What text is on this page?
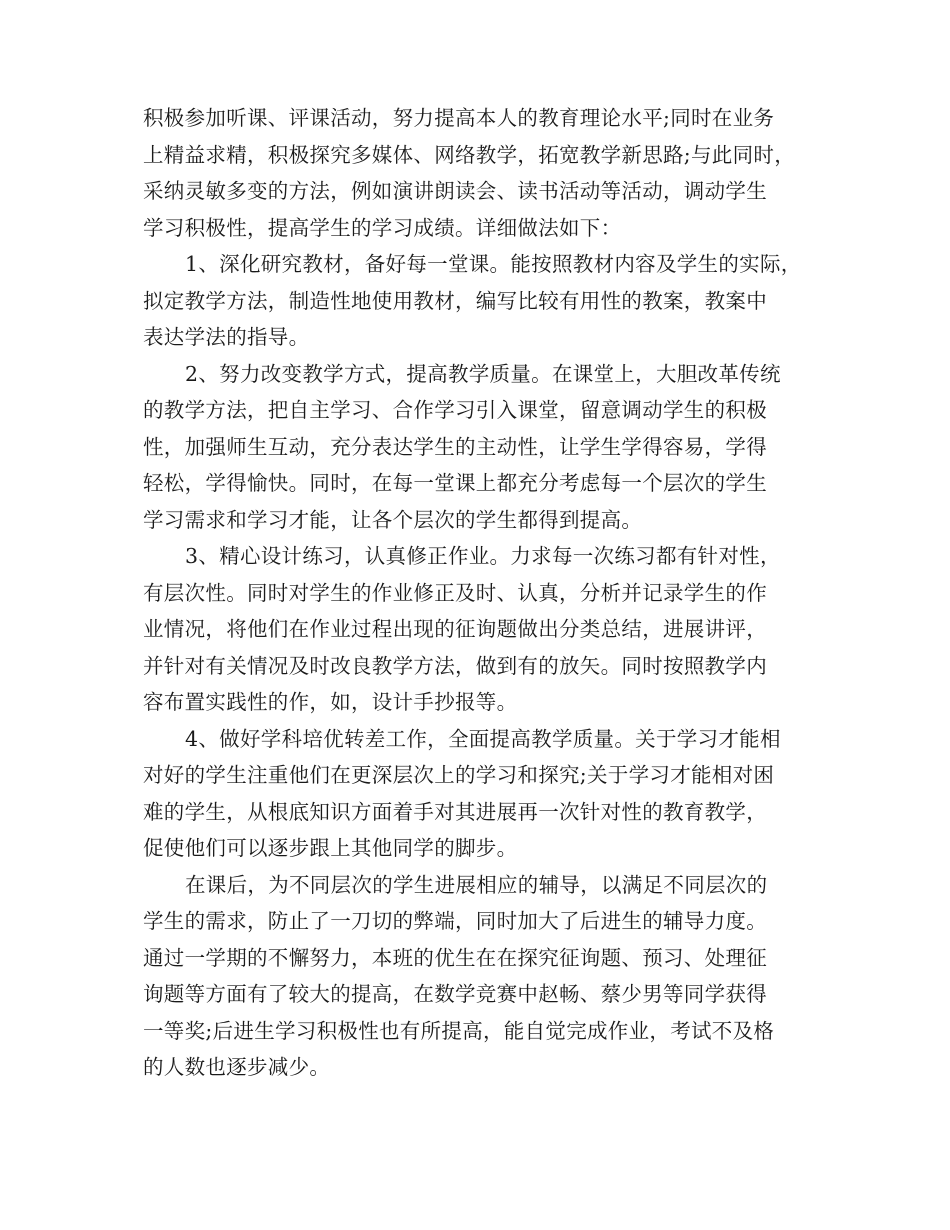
积极参加听课、评课活动，努力提高本人的教育理论水平;同时在业务
上精益求精，积极探究多媒体、网络教学，拓宽教学新思路;与此同时，
采纳灵敏多变的方法，例如演讲朗读会、读书活动等活动，调动学生
学习积极性，提高学生的学习成绩。详细做法如下：
1、深化研究教材，备好每一堂课。能按照教材内容及学生的实际，
拟定教学方法，制造性地使用教材，编写比较有用性的教案，教案中
表达学法的指导。
2、努力改变教学方式，提高教学质量。在课堂上，大胆改革传统
的教学方法，把自主学习、合作学习引入课堂，留意调动学生的积极
性，加强师生互动，充分表达学生的主动性，让学生学得容易，学得
轻松，学得愉快。同时，在每一堂课上都充分考虑每一个层次的学生
学习需求和学习才能，让各个层次的学生都得到提高。
3、精心设计练习，认真修正作业。力求每一次练习都有针对性，
有层次性。同时对学生的作业修正及时、认真，分析并记录学生的作
业情况，将他们在作业过程出现的征询题做出分类总结，进展讲评，
并针对有关情况及时改良教学方法，做到有的放矢。同时按照教学内
容布置实践性的作，如，设计手抄报等。
4、做好学科培优转差工作，全面提高教学质量。关于学习才能相
对好的学生注重他们在更深层次上的学习和探究;关于学习才能相对困
难的学生，从根底知识方面着手对其进展再一次针对性的教育教学，
促使他们可以逐步跟上其他同学的脚步。
在课后，为不同层次的学生进展相应的辅导，以满足不同层次的
学生的需求，防止了一刀切的弊端，同时加大了后进生的辅导力度。
通过一学期的不懈努力，本班的优生在在探究征询题、预习、处理征
询题等方面有了较大的提高，在数学竞赛中赵畅、蔡少男等同学获得
一等奖;后进生学习积极性也有所提高，能自觉完成作业，考试不及格
的人数也逐步减少。
